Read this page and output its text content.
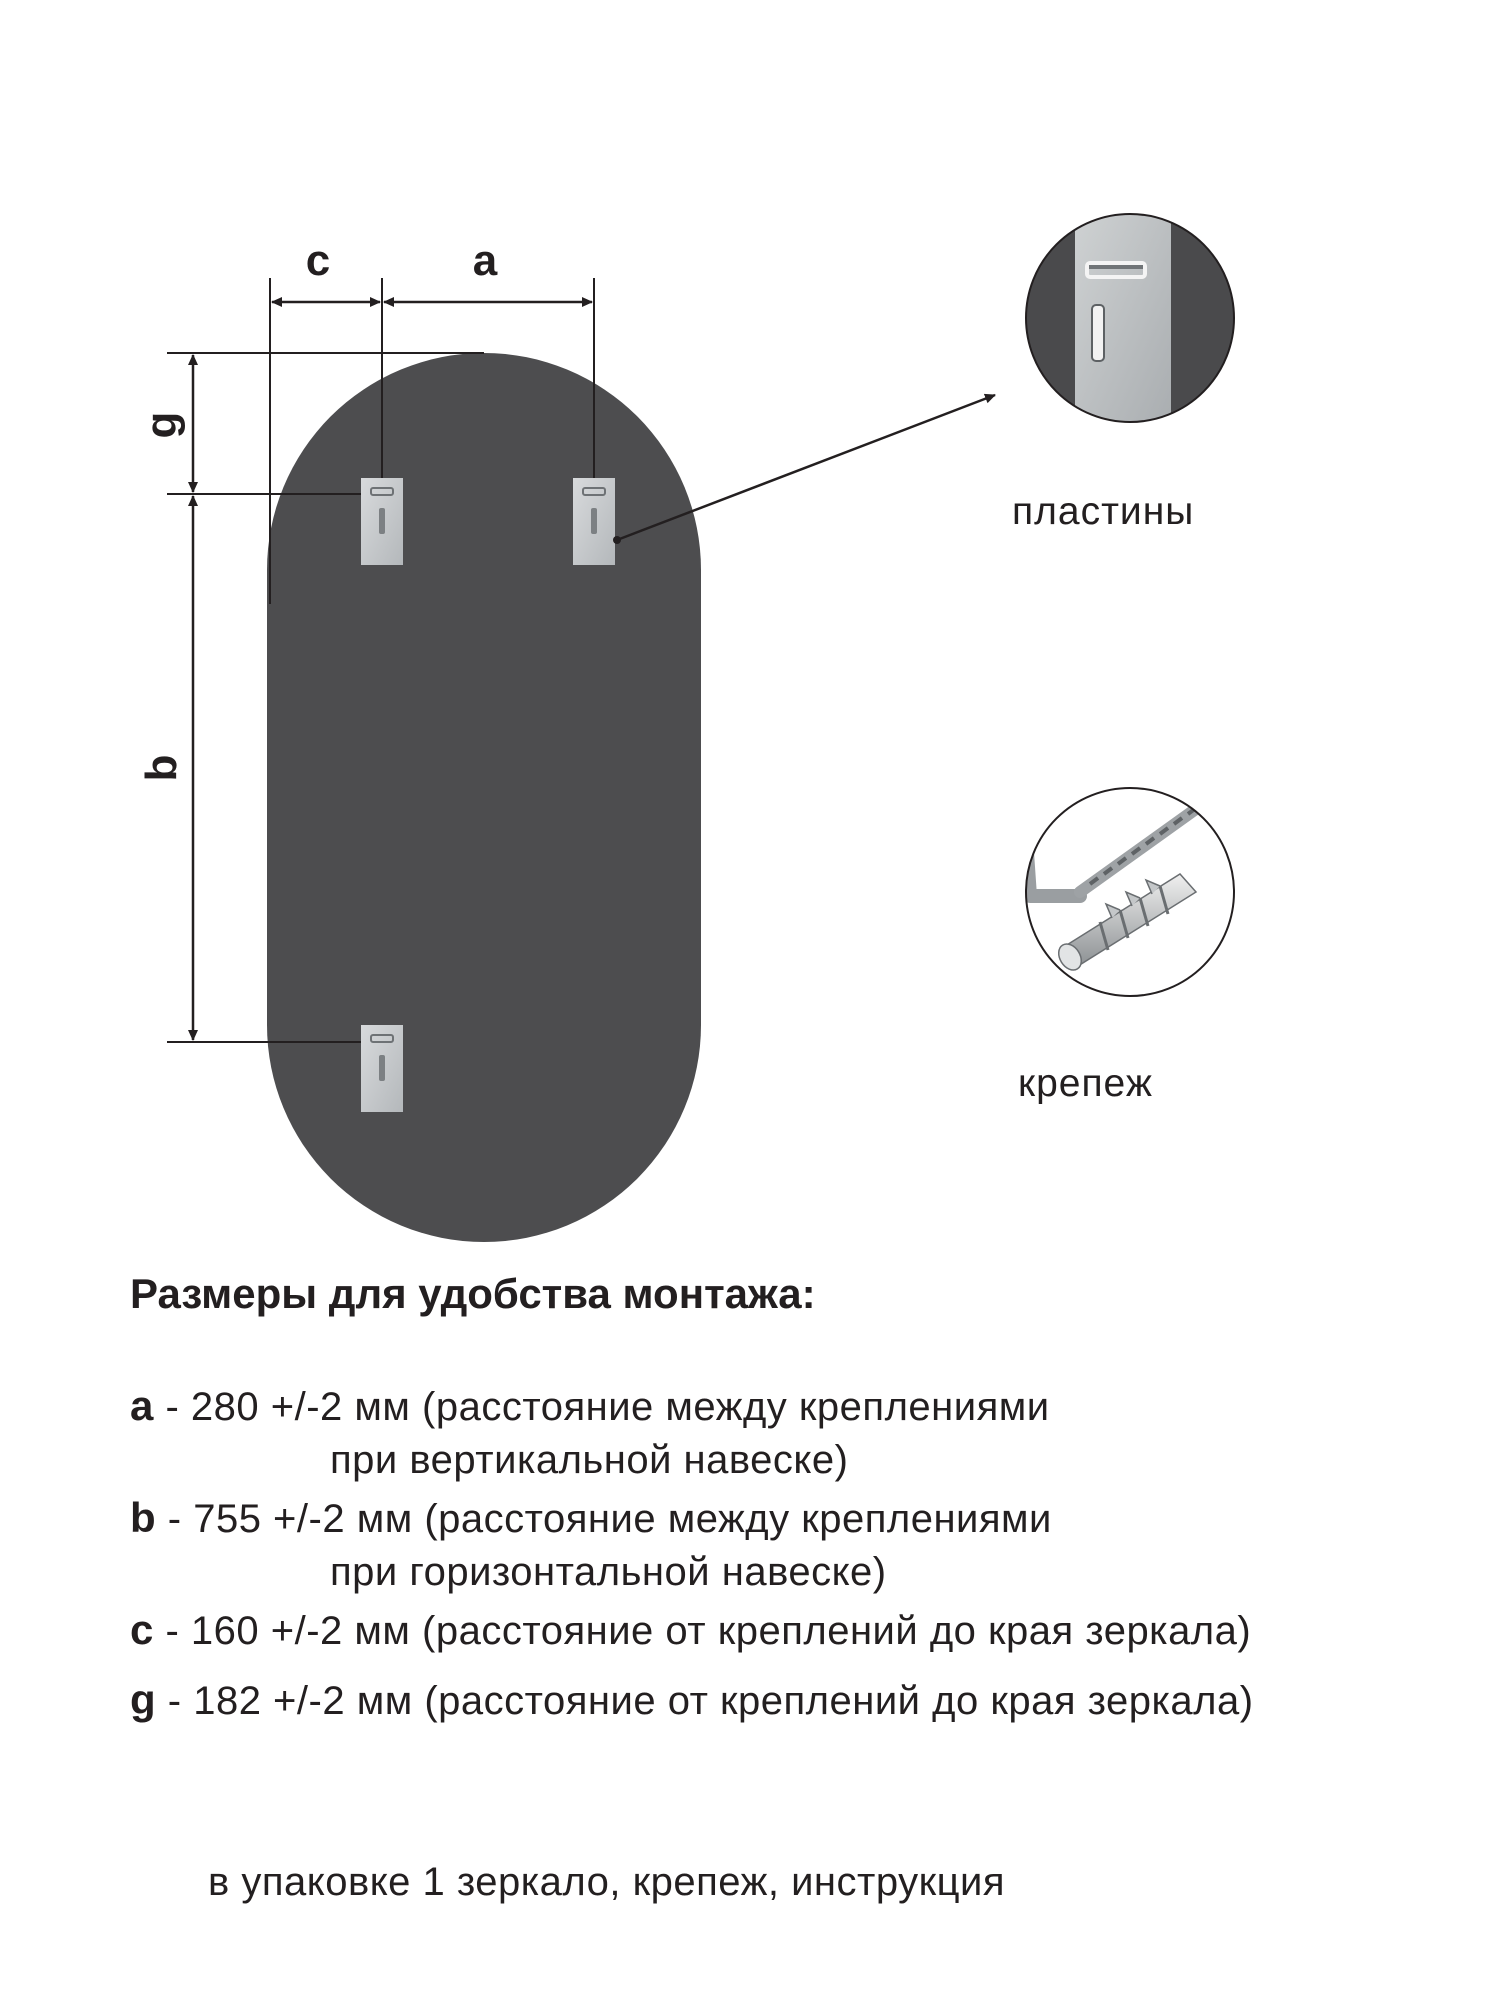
c	a
g
b
пластины
крепеж
Размеры для удобства монтажа:
a - 280 +/-2 мм (расстояние между креплениями
при вертикальной навеске)
b - 755 +/-2 мм (расстояние между креплениями
при горизонтальной навеске)
c - 160 +/-2 мм (расстояние от креплений до края зеркала)
g - 182 +/-2 мм (расстояние от креплений до края зеркала)
в упаковке 1 зеркало, крепеж, инструкция
